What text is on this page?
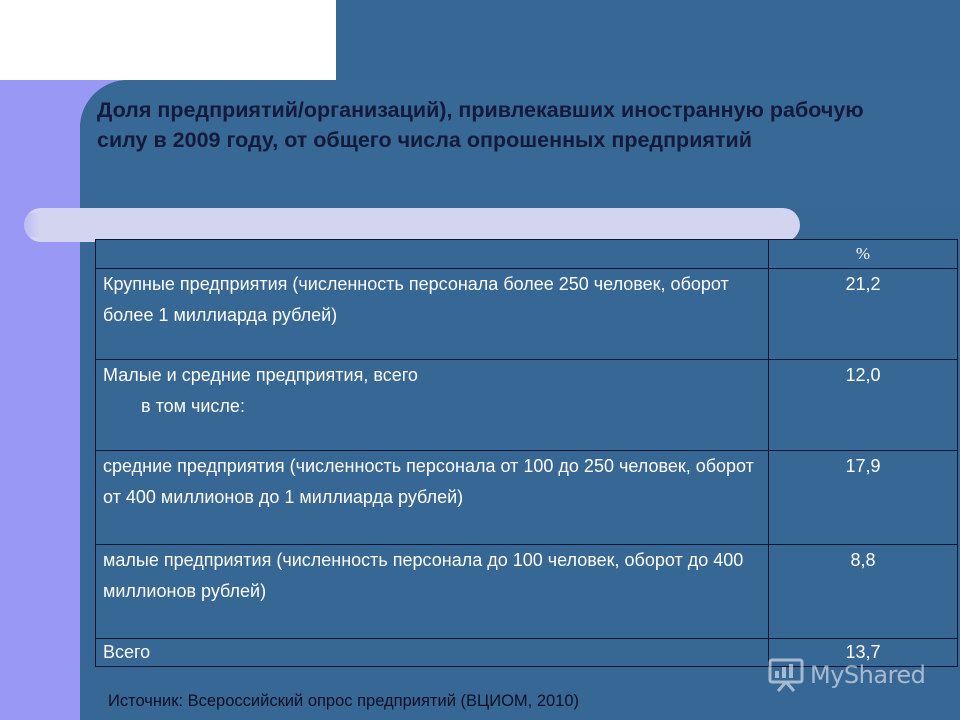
Доля предприятий/организаций), привлекавших иностранную рабочую силу в 2009 году, от общего числа опрошенных предприятий
	%
Крупные предприятия (численность персонала более 250 человек, оборот более 1 миллиарда рублей)	21,2
Малые и средние предприятия, всего
в том числе:	12,0
средние предприятия (численность персонала от 100 до 250 человек, оборот от 400 миллионов до 1 миллиарда рублей)	17,9
малые предприятия (численность персонала до 100 человек, оборот до 400 миллионов рублей)	8,8
Всего	13,7

Источник: Всероссийский опрос предприятий (ВЦИОМ, 2010)

MyShared
